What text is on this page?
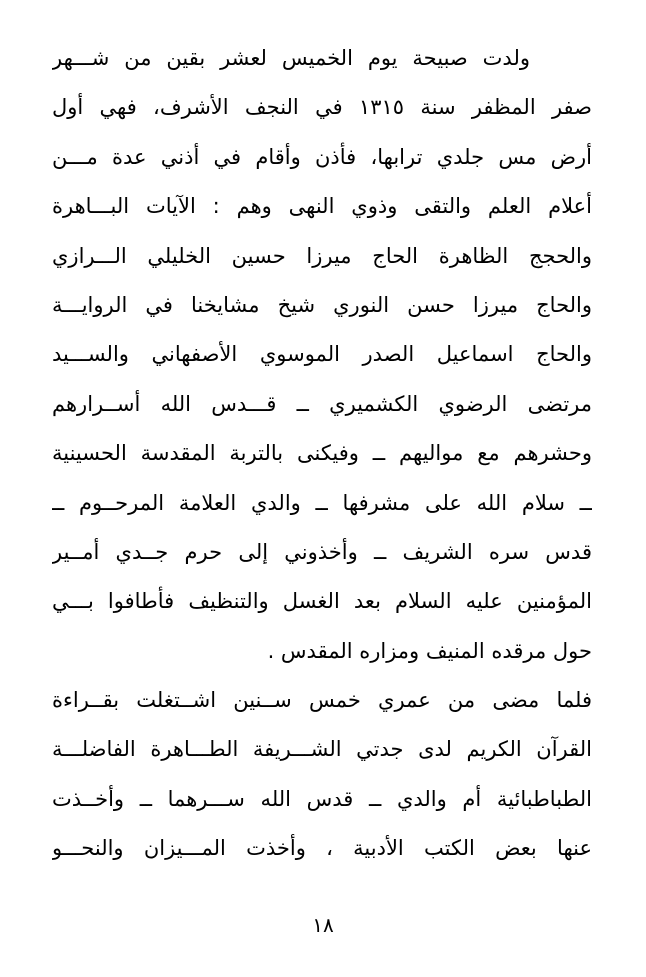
ولدت صبيحة يوم الخميس لعشر بقين من شـــهر
صفر المظفر سنة ١٣١٥ في النجف الأشرف، فهي أول
أرض مس جلدي ترابها، فأذن وأقام في أذني عدة مـــن
أعلام العلم والتقى وذوي النهى وهم : الآيات البـــاهرة
والحجج الظاهرة الحاج ميرزا حسين الخليلي الـــرازي
والحاج ميرزا حسن النوري شيخ مشايخنا في الروايـــة
والحاج اسماعيل الصدر الموسوي الأصفهاني والســـيد
مرتضى الرضوي الكشميري ــ قـــدس الله أســرارهم
وحشرهم مع مواليهم ــ وفيكنى بالتربة المقدسة الحسينية
ــ سلام الله على مشرفها ــ والدي العلامة المرحــوم ــ
قدس سره الشريف ــ وأخذوني إلى حرم جــدي أمــير
المؤمنين عليه السلام بعد الغسل والتنظيف فأطافوا بـــي
حول مرقده المنيف ومزاره المقدس .
فلما مضى من عمري خمس ســنين اشــتغلت بقــراءة
القرآن الكريم لدى جدتي الشـــريفة الطـــاهرة الفاضلـــة
الطباطبائية أم والدي ــ قدس الله ســـرهما ــ وأخــذت
عنها بعض الكتب الأدبية ، وأخذت المـــيزان والنحـــو
١٨
